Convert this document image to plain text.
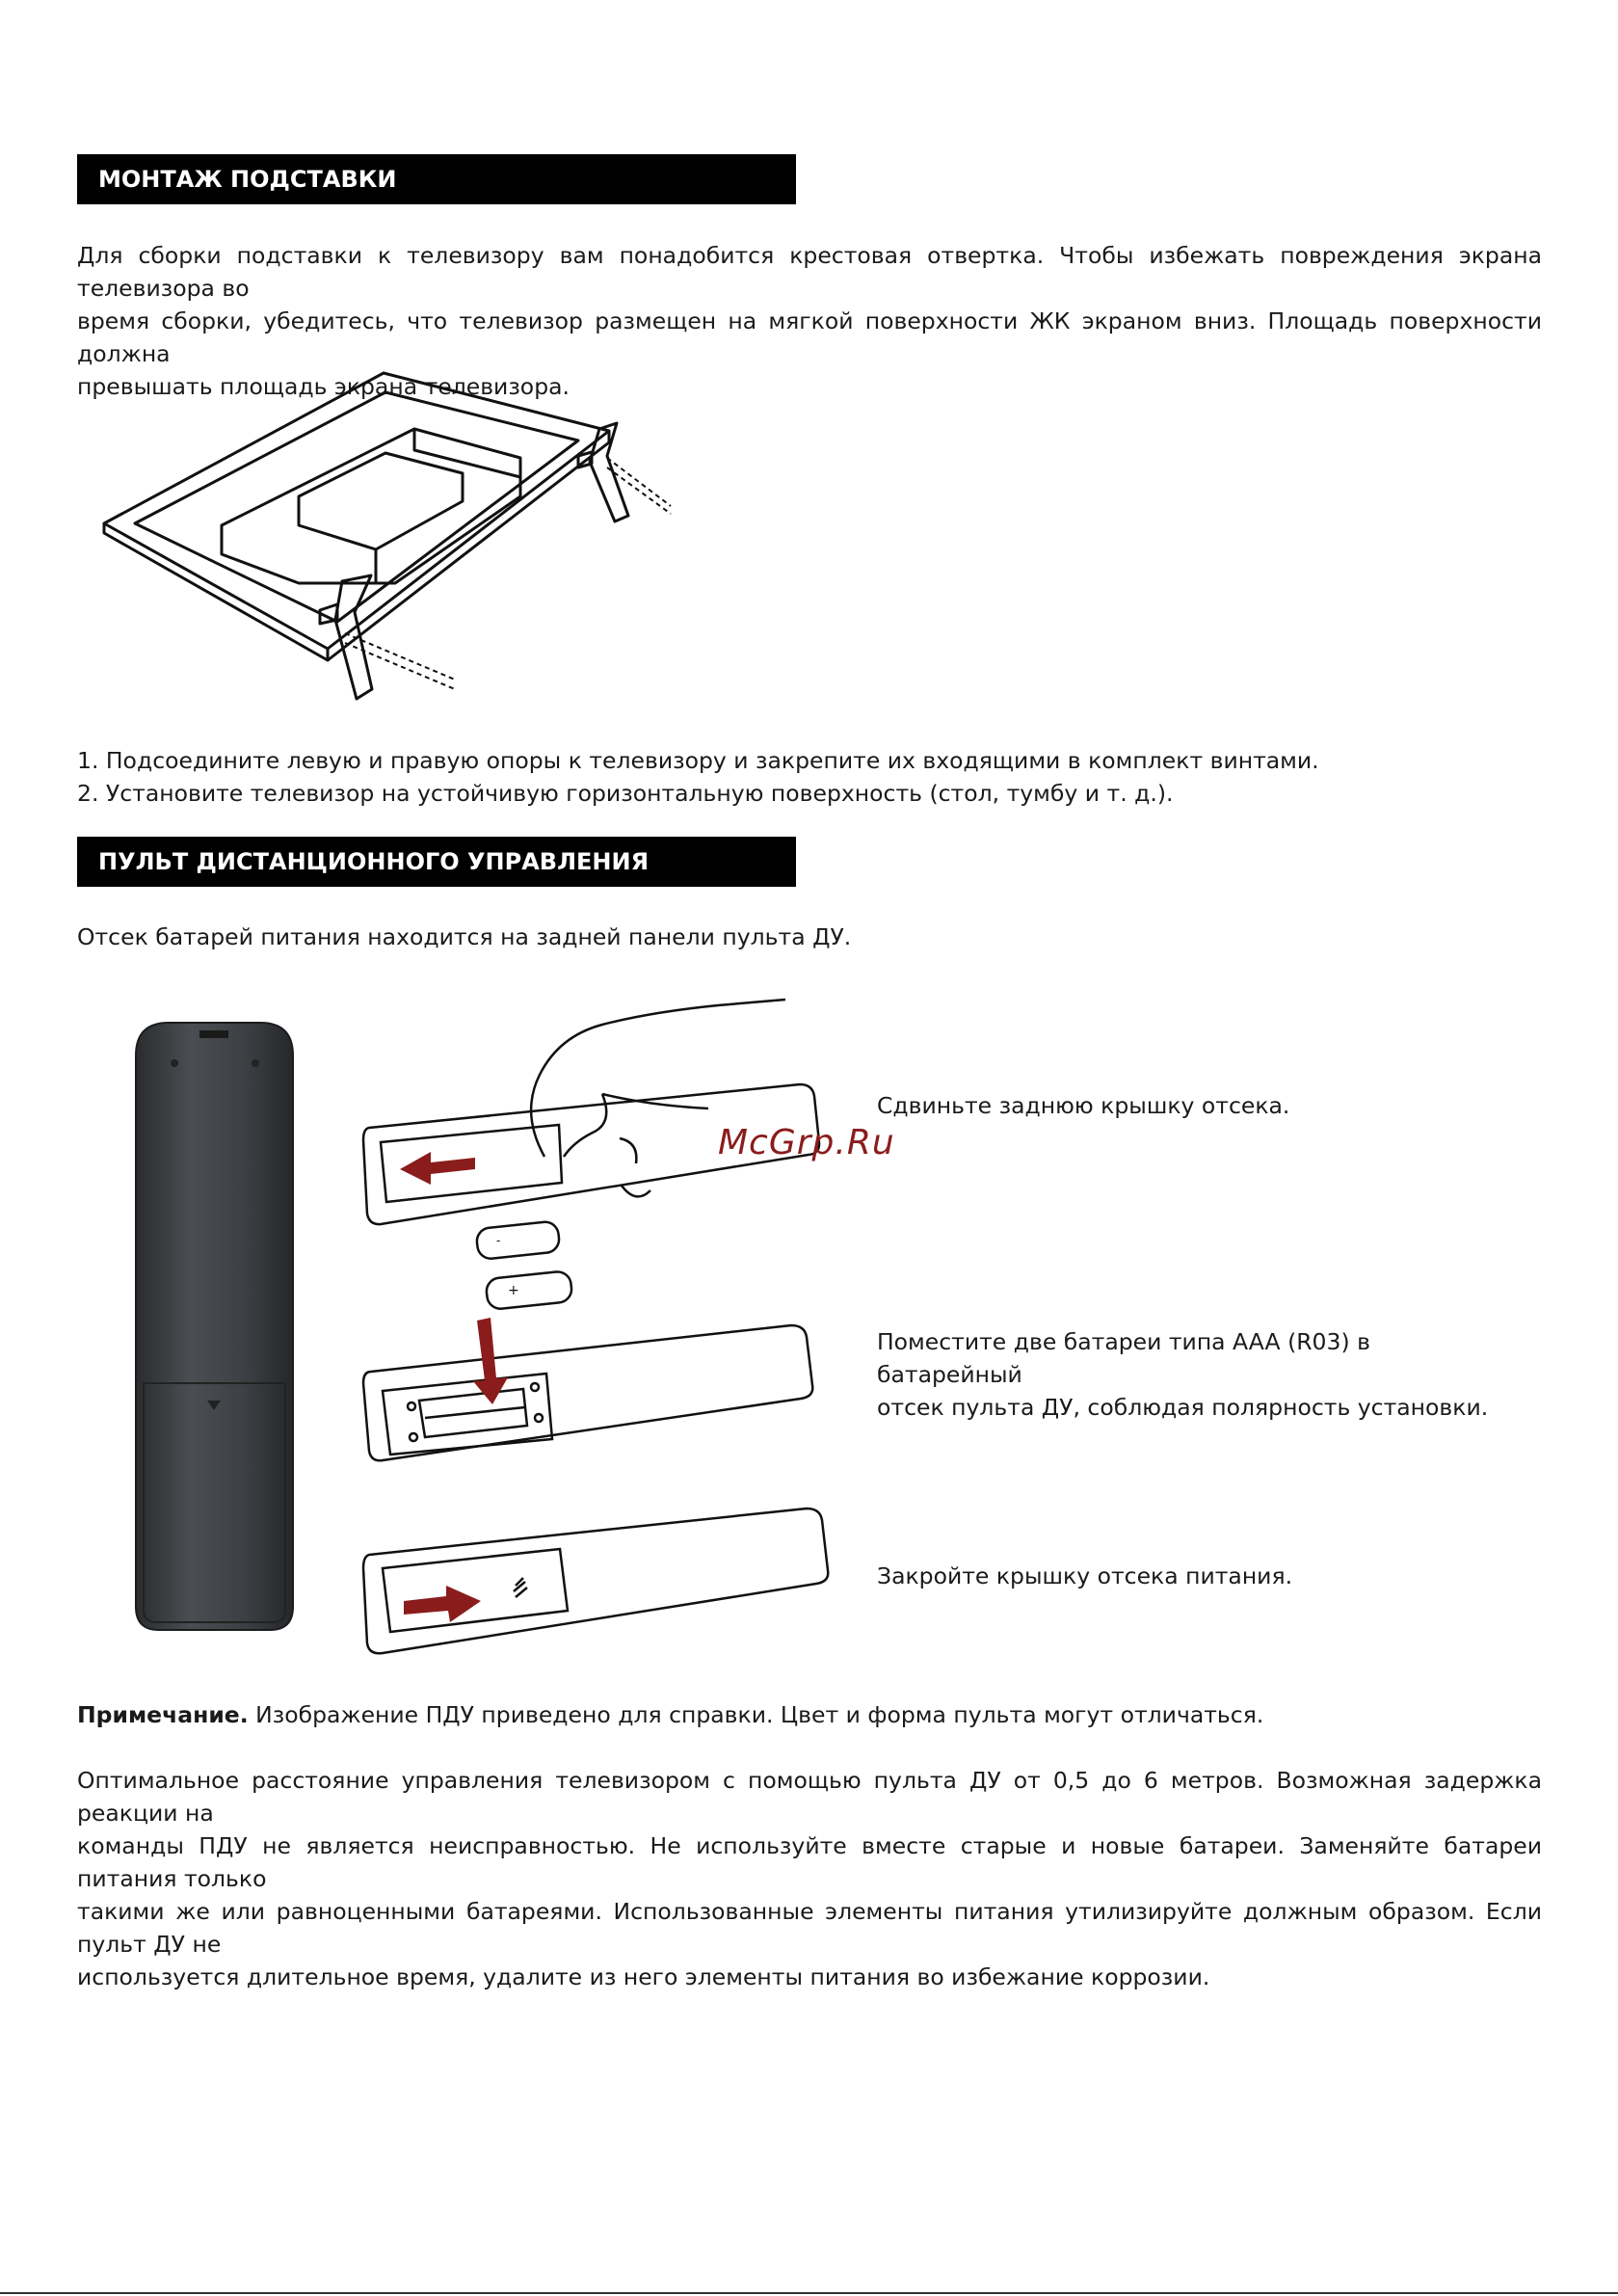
МОНТАЖ ПОДСТАВКИ

Для сборки подставки к телевизору вам понадобится крестовая отвертка. Чтобы избежать повреждения экрана телевизора во
время сборки, убедитесь, что телевизор размещен на мягкой поверхности ЖК экраном вниз. Площадь поверхности должна
превышать площадь экрана телевизора.

1. Подсоедините левую и правую опоры к телевизору и закрепите их входящими в комплект винтами.
2. Установите телевизор на устойчивую горизонтальную поверхность (стол, тумбу и т. д.).

ПУЛЬТ ДИСТАНЦИОННОГО УПРАВЛЕНИЯ

Отсек батарей питания находится на задней панели пульта ДУ.

McGrp.Ru
-
+

Сдвиньте заднюю крышку отсека.

Поместите две батареи типа AAA (R03) в батарейный
отсек пульта ДУ, соблюдая полярность установки.

Закройте крышку отсека питания.

Примечание. Изображение ПДУ приведено для справки. Цвет и форма пульта могут отличаться.

Оптимальное расстояние управления телевизором с помощью пульта ДУ от 0,5 до 6 метров. Возможная задержка реакции на
команды ПДУ не является неисправностью. Не используйте вместе старые и новые батареи. Заменяйте батареи питания только
такими же или равноценными батареями. Использованные элементы питания утилизируйте должным образом. Если пульт ДУ не
используется длительное время, удалите из него элементы питания во избежание коррозии.
